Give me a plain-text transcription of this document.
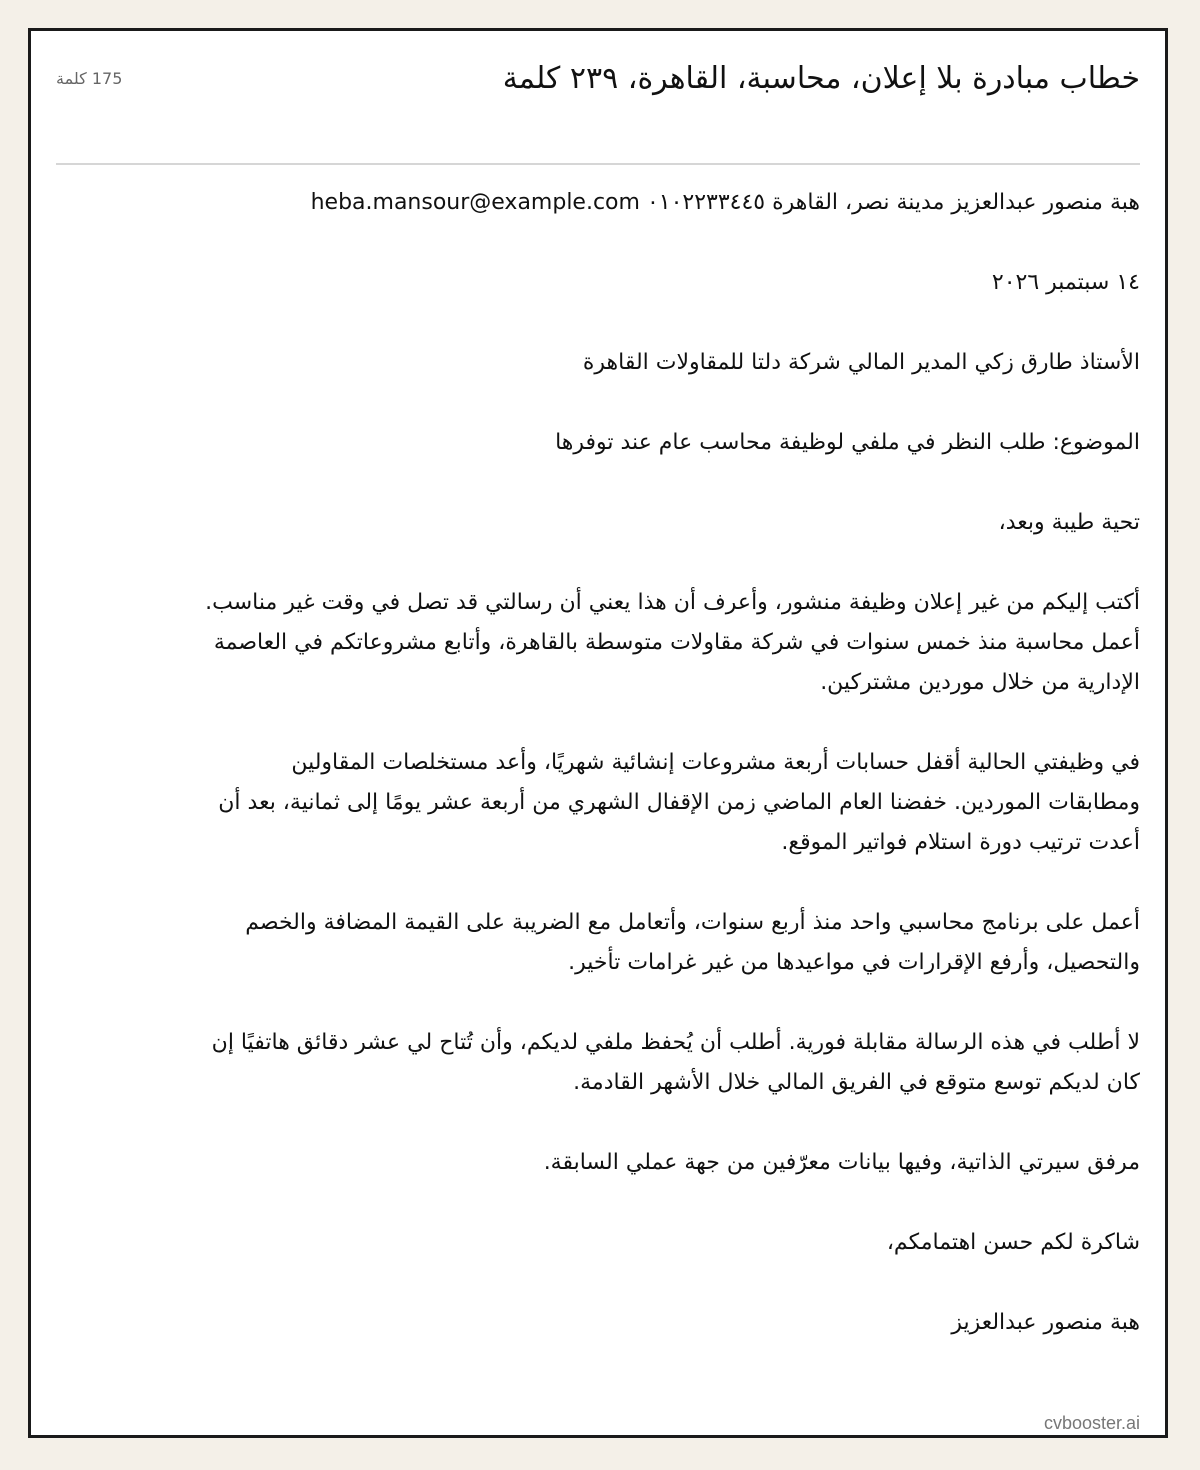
خطاب مبادرة بلا إعلان، محاسبة، القاهرة، ٢٣٩ كلمة
175 كلمة

هبة منصور عبدالعزيز مدينة نصر، القاهرة ٠١٠٢٢٣٣٤٤٥ heba.mansour@example.com

١٤ سبتمبر ٢٠٢٦

الأستاذ طارق زكي المدير المالي شركة دلتا للمقاولات القاهرة

الموضوع: طلب النظر في ملفي لوظيفة محاسب عام عند توفرها

تحية طيبة وبعد،

أكتب إليكم من غير إعلان وظيفة منشور، وأعرف أن هذا يعني أن رسالتي قد تصل في وقت غير مناسب. أعمل محاسبة منذ خمس سنوات في شركة مقاولات متوسطة بالقاهرة، وأتابع مشروعاتكم في العاصمة الإدارية من خلال موردين مشتركين.

في وظيفتي الحالية أقفل حسابات أربعة مشروعات إنشائية شهريًا، وأعد مستخلصات المقاولين ومطابقات الموردين. خفضنا العام الماضي زمن الإقفال الشهري من أربعة عشر يومًا إلى ثمانية، بعد أن أعدت ترتيب دورة استلام فواتير الموقع.

أعمل على برنامج محاسبي واحد منذ أربع سنوات، وأتعامل مع الضريبة على القيمة المضافة والخصم والتحصيل، وأرفع الإقرارات في مواعيدها من غير غرامات تأخير.

لا أطلب في هذه الرسالة مقابلة فورية. أطلب أن يُحفظ ملفي لديكم، وأن تُتاح لي عشر دقائق هاتفيًا إن كان لديكم توسع متوقع في الفريق المالي خلال الأشهر القادمة.

مرفق سيرتي الذاتية، وفيها بيانات معرّفين من جهة عملي السابقة.

شاكرة لكم حسن اهتمامكم،

هبة منصور عبدالعزيز

cvbooster.ai
